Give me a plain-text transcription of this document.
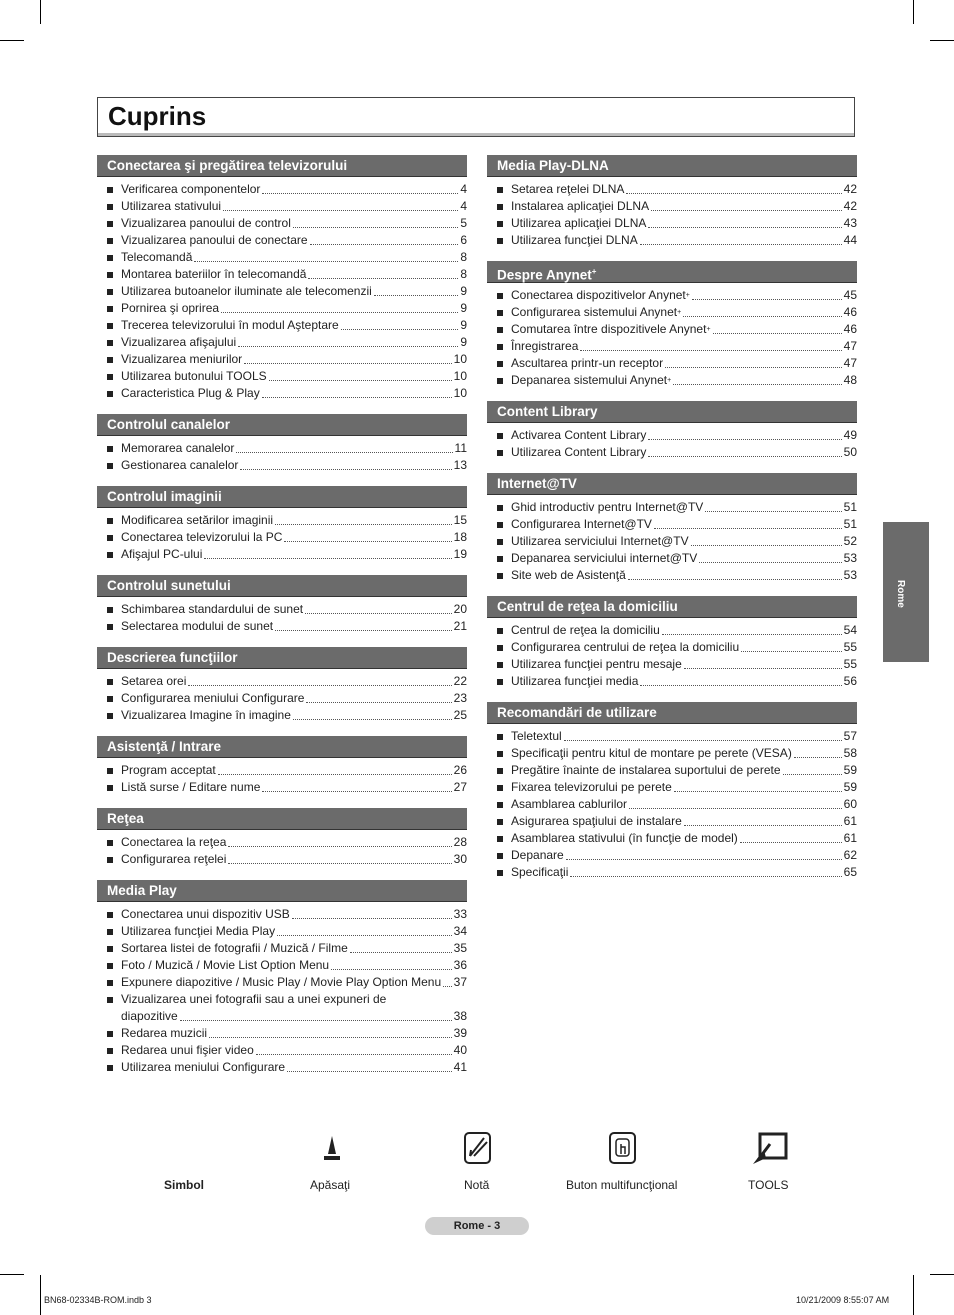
Cuprins
Conectarea şi pregătirea televizorului
Verificarea componentelor	4
Utilizarea stativului	4
Vizualizarea panoului de control	5
Vizualizarea panoului de conectare	6
Telecomandă	8
Montarea bateriilor în telecomandă	8
Utilizarea butoanelor iluminate ale telecomenzii	9
Pornirea şi oprirea	9
Trecerea televizorului în modul Aşteptare	9
Vizualizarea afişajului	9
Vizualizarea meniurilor	10
Utilizarea butonului TOOLS	10
Caracteristica Plug & Play	10
Controlul canalelor
Memorarea canalelor	11
Gestionarea canalelor	13
Controlul imaginii
Modificarea setărilor imaginii	15
Conectarea televizorului la PC	18
Afişajul PC-ului	19
Controlul sunetului
Schimbarea standardului de sunet	20
Selectarea modului de sunet	21
Descrierea funcţiilor
Setarea orei	22
Configurarea meniului Configurare	23
Vizualizarea Imagine în imagine	25
Asistenţă / Intrare
Program acceptat	26
Listă surse / Editare nume	27
Reţea
Conectarea la reţea	28
Configurarea reţelei	30
Media Play
Conectarea unui dispozitiv USB	33
Utilizarea funcţiei Media Play	34
Sortarea listei de fotografii / Muzică / Filme	35
Foto / Muzică / Movie List Option Menu	36
Expunere diapozitive / Music Play / Movie Play Option Menu 37
Vizualizarea unei fotografii sau a unei expuneri de
diapozitive	38
Redarea muzicii	39
Redarea unui fişier video	40
Utilizarea meniului Configurare	41
Media Play-DLNA
Setarea reţelei DLNA	42
Instalarea aplicaţiei DLNA	42
Utilizarea aplicaţiei DLNA	43
Utilizarea funcţiei DLNA	44
Despre Anynet+
Conectarea dispozitivelor Anynet +	45
Configurarea sistemului Anynet +	46
Comutarea între dispozitivele Anynet +	46
Înregistrarea	47
Ascultarea printr-un receptor	47
Depanarea sistemului Anynet +	48
Content Library
Activarea Content Library	49
Utilizarea Content Library	50
Internet@TV
Ghid introductiv pentru Internet@TV	51
Configurarea Internet@TV	51
Utilizarea serviciului Internet@TV	52
Depanarea serviciului internet@TV	53
Site web de Asistenţă	53
Centrul de reţea la domiciliu
Centrul de reţea la domiciliu	54
Configurarea centrului de reţea la domiciliu	55
Utilizarea funcţiei pentru mesaje	55
Utilizarea funcţiei media	56
Recomandări de utilizare
Teletextul	57
Specificaţii pentru kitul de montare pe perete (VESA)	58
Pregătire înainte de instalarea suportului de perete	59
Fixarea televizorului pe perete	59
Asamblarea cablurilor	60
Asigurarea spaţiului de instalare	61
Asamblarea stativului (în funcţie de model)	61
Depanare	62
Specificaţii	65
Rome
Simbol	Apăsaţi	Notă	Buton multifuncţional	TOOLS
Rome - 3
BN68-02334B-ROM.indb 3	10/21/2009 8:55:07 AM
